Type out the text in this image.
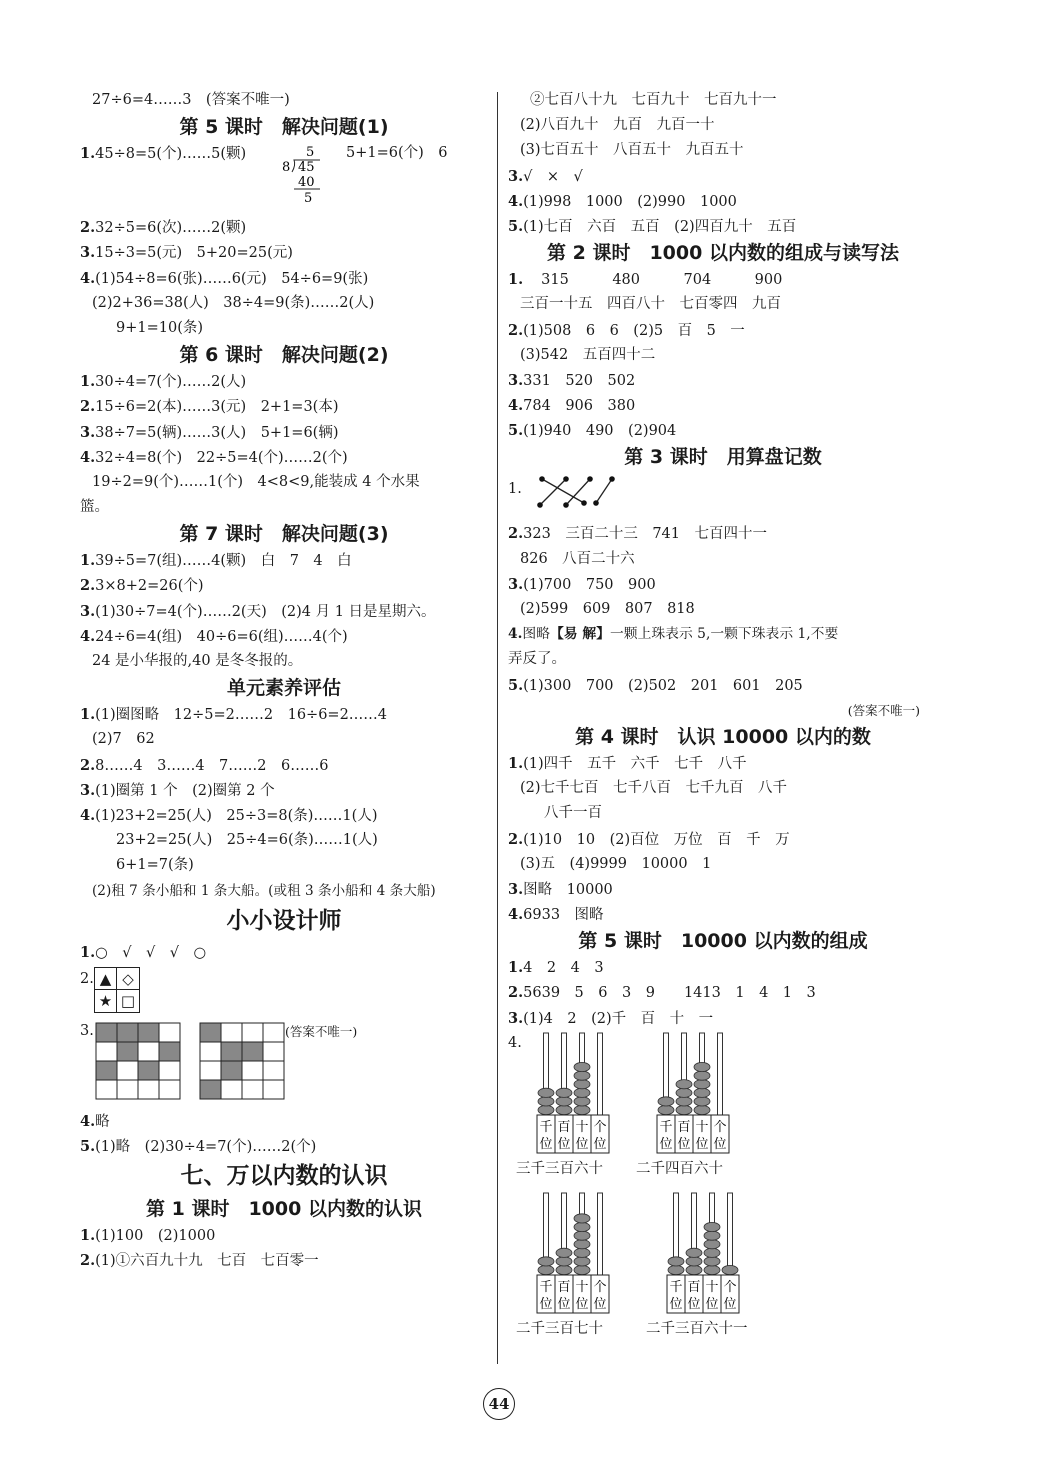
27÷6=4……3　(答案不唯一)
第 5 课时　解决问题(1)
1.45÷8=5(个)……5(颗)	5
8 45
40
5
5+1=6(个)　6
2.32÷5=6(次)……2(颗)
3.15÷3=5(元)　5+20=25(元)
4.(1)54÷8=6(张)……6(元)　54÷6=9(张)
(2)2+36=38(人)　38÷4=9(条)……2(人)
9+1=10(条)
第 6 课时　解决问题(2)
1.30÷4=7(个)……2(人)
2.15÷6=2(本)……3(元)　2+1=3(本)
3.38÷7=5(辆)……3(人)　5+1=6(辆)
4.32÷4=8(个)　22÷5=4(个)……2(个)
19÷2=9(个)……1(个)　4<8<9,能装成 4 个水果
篮。
第 7 课时　解决问题(3)
1.39÷5=7(组)……4(颗)　白　7　4　白
2.3×8+2=26(个)
3.(1)30÷7=4(个)……2(天)　(2)4 月 1 日是星期六。
4.24÷6=4(组)　40÷6=6(组)……4(个)
24 是小华报的,40 是冬冬报的。
单元素养评估
1.(1)圈图略　12÷5=2……2　16÷6=2……4
(2)7　62
2.8……4　3……4　7……2　6……6
3.(1)圈第 1 个　(2)圈第 2 个
4.(1)23+2=25(人)　25÷3=8(条)……1(人)
23+2=25(人)　25÷4=6(条)……1(人)
6+1=7(条)
(2)租 7 条小船和 1 条大船。(或租 3 条小船和 4 条大船)
小小设计师
1.○　√　√　√　○
2. ▲ ◇
★ □
3.	(答案不唯一)
4.略
5.(1)略　(2)30÷4=7(个)……2(个)
七、万以内数的认识
第 1 课时　1000 以内数的认识
1.(1)100　(2)1000
2.(1)①六百九十九　七百　七百零一
②七百八十九　七百九十　七百九十一
(2)八百九十　九百　九百一十
(3)七百五十　八百五十　九百五十
3.√　×　√
4.(1)998　1000　(2)990　1000
5.(1)七百　六百　五百　(2)四百九十　五百
第 2 课时　1000 以内数的组成与读写法
1. 315　　　480　　　704　　　900
三百一十五　四百八十　七百零四　九百
2.(1)508　6　6　(2)5　百　5　一
(3)542　五百四十二
3.331　520　502
4.784　906　380
5.(1)940　490　(2)904
第 3 课时　用算盘记数
1.
2.323　三百二十三　741　七百四十一
826　八百二十六
3.(1)700　750　900
(2)599　609　807　818
4.图略【易 解】一颗上珠表示 5,一颗下珠表示 1,不要
弄反了。
5.(1)300　700　(2)502　201　601　205
(答案不唯一)
第 4 课时　认识 10000 以内的数
1.(1)四千　五千　六千　七千　八千
(2)七千七百　七千八百　七千九百　八千
八千一百
2.(1)10　10　(2)百位　万位　百　千　万
(3)五　(4)9999　10000　1
3.图略　10000
4.6933　图略
第 5 课时　10000 以内数的组成
1.4　2　4　3
2.5639　5　6　3　9　　1413　1　4　1　3
3.(1)4　2　(2)千　百　十　一
4.
千
位
百
位
十
位
个
位
三千三百六十
千
位
百
位
十
位
个
位
二千四百六十
千
位
百
位
十
位
个
位
二千三百七十
千
位
百
位
十
位
个
位
二千三百六十一
44
